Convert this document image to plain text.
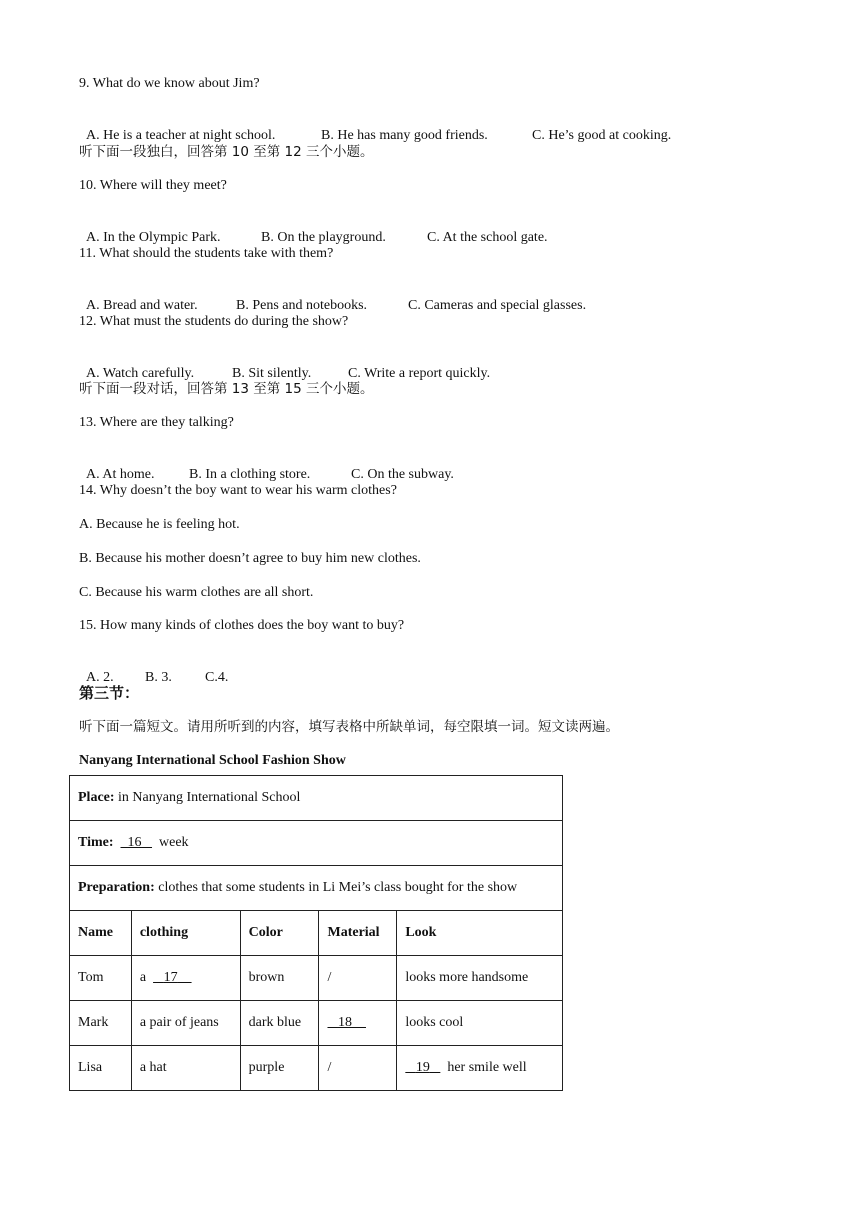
9. What do we know about Jim?

A. He is a teacher at night school.	B. He has many good friends.	C. He’s good at cooking.

听下面一段独白，回答第 10 至第 12 三个小题。
10. Where will they meet?

A. In the Olympic Park.	B. On the playground.	C. At the school gate.

11. What should the students take with them?

A. Bread and water.	B. Pens and notebooks.	C. Cameras and special glasses.

12. What must the students do during the show?

A. Watch carefully.	B. Sit silently.	C. Write a report quickly.

听下面一段对话，回答第 13 至第 15 三个小题。
13. Where are they talking?

A. At home. B. In a clothing store.	C. On the subway.

14. Why doesn’t the boy want to wear his warm clothes?
A. Because he is feeling hot.
B. Because his mother doesn’t agree to buy him new clothes.
C. Because his warm clothes are all short.
15. How many kinds of clothes does the boy want to buy?

A. 2. B. 3. C.4.

第三节：
听下面一篇短文。请用所听到的内容，填写表格中所缺单词，每空限填一词。短文读两遍。
Nanyang International School Fashion Show
Place: in Nanyang International School				
Time: 16     week				
Preparation: clothes that some students in Li Mei’s class bought for the show				
Name	clothing	Color	Material	Look
Tom	a     17	brown	/	looks more handsome
Mark	a pair of jeans	dark blue	18	looks cool
Lisa	a hat	purple	/	19     her smile well
